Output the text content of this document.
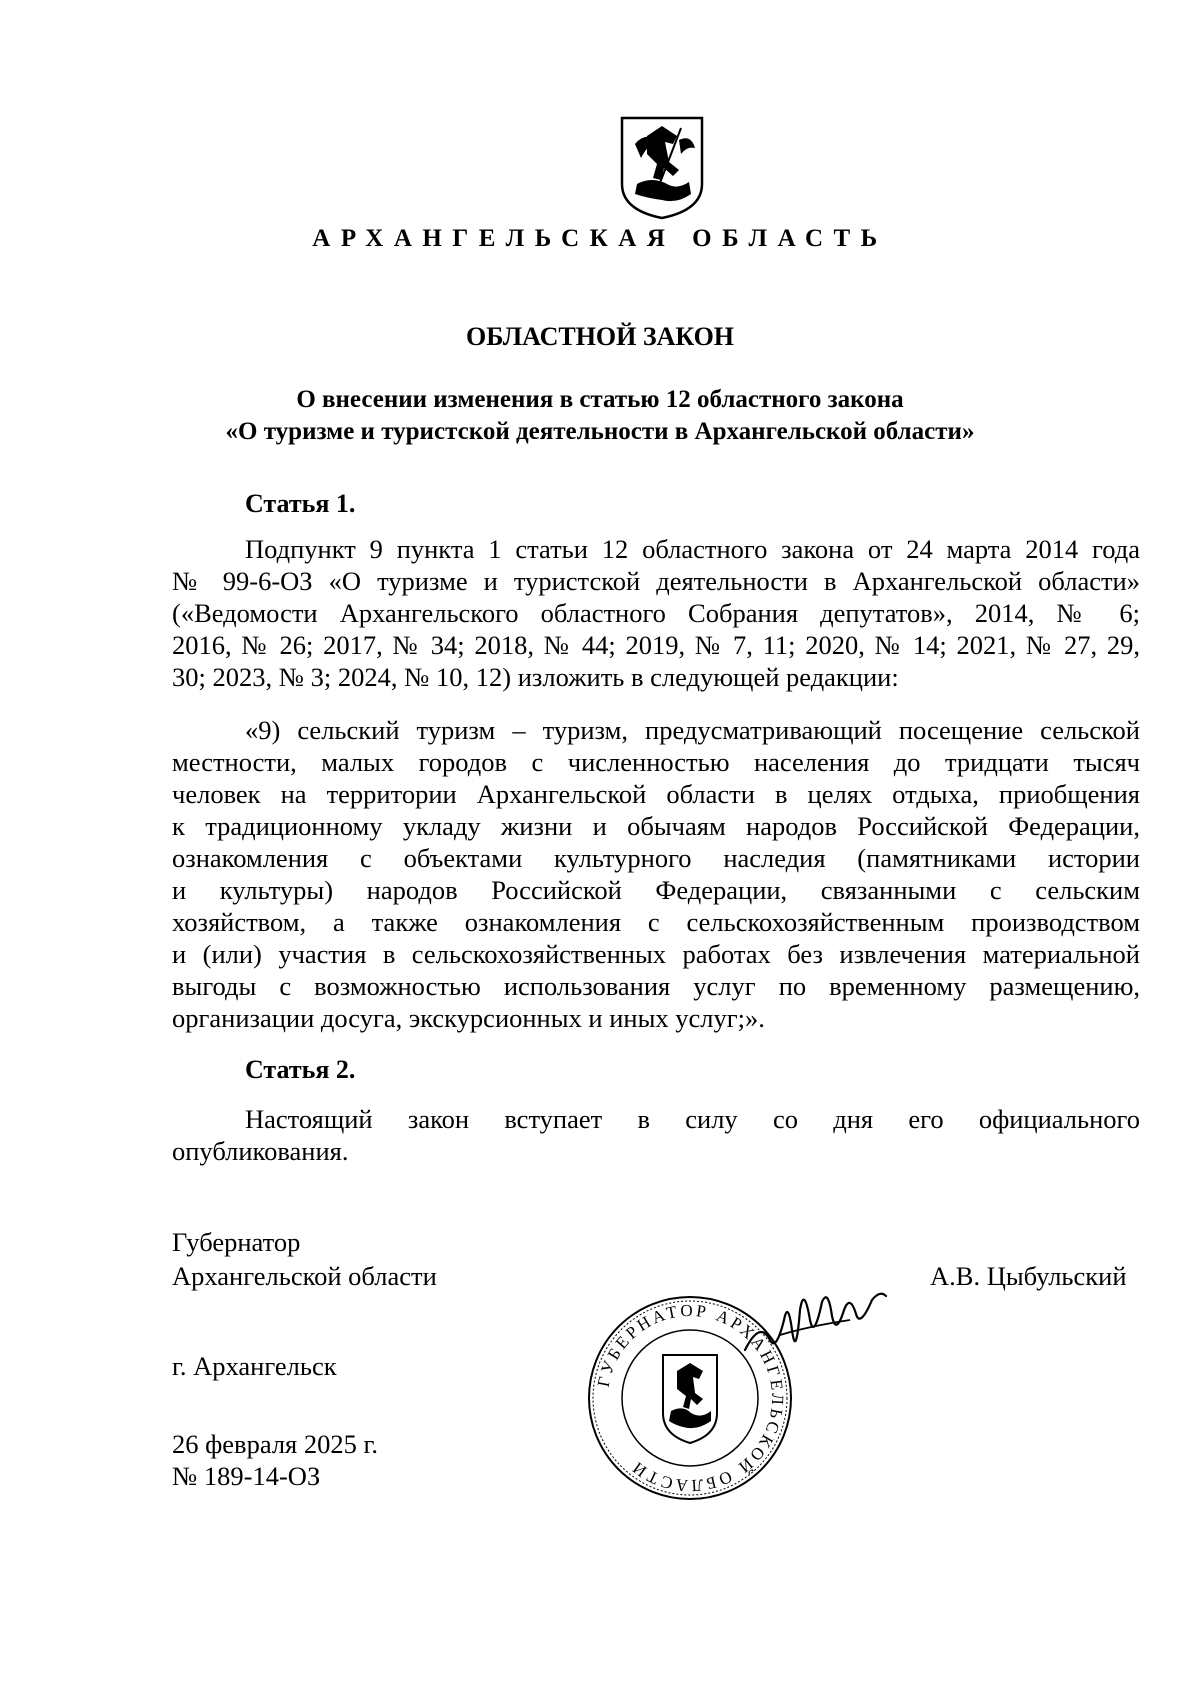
АРХАНГЕЛЬСКАЯ ОБЛАСТЬ
ОБЛАСТНОЙ ЗАКОН
О внесении изменения в статью 12 областного закона
«О туризме и туристской деятельности в Архангельской области»
Статья 1.
Подпункт 9 пункта 1 статьи 12 областного закона от 24 марта 2014 года
№ 99-6-ОЗ «О туризме и туристской деятельности в Архангельской области»
(«Ведомости Архангельского областного Собрания депутатов», 2014, № 6;
2016, № 26; 2017, № 34; 2018, № 44; 2019, № 7, 11; 2020, № 14; 2021, № 27, 29,
30; 2023, № 3; 2024, № 10, 12) изложить в следующей редакции:
«9) сельский туризм – туризм, предусматривающий посещение сельской
местности, малых городов с численностью населения до тридцати тысяч
человек на территории Архангельской области в целях отдыха, приобщения
к традиционному укладу жизни и обычаям народов Российской Федерации,
ознакомления с объектами культурного наследия (памятниками истории
и культуры) народов Российской Федерации, связанными с сельским
хозяйством, а также ознакомления с сельскохозяйственным производством
и (или) участия в сельскохозяйственных работах без извлечения материальной
выгоды с возможностью использования услуг по временному размещению,
организации досуга, экскурсионных и иных услуг;».
Статья 2.
Настоящий закон вступает в силу со дня его официального
опубликования.
Губернатор
Архангельской области	А.В. Цыбульский
ГУБЕРНАТОР АРХАНГЕЛЬСКОЙ ОБЛАСТИ
г. Архангельск
26 февраля 2025 г.
№ 189-14-ОЗ
